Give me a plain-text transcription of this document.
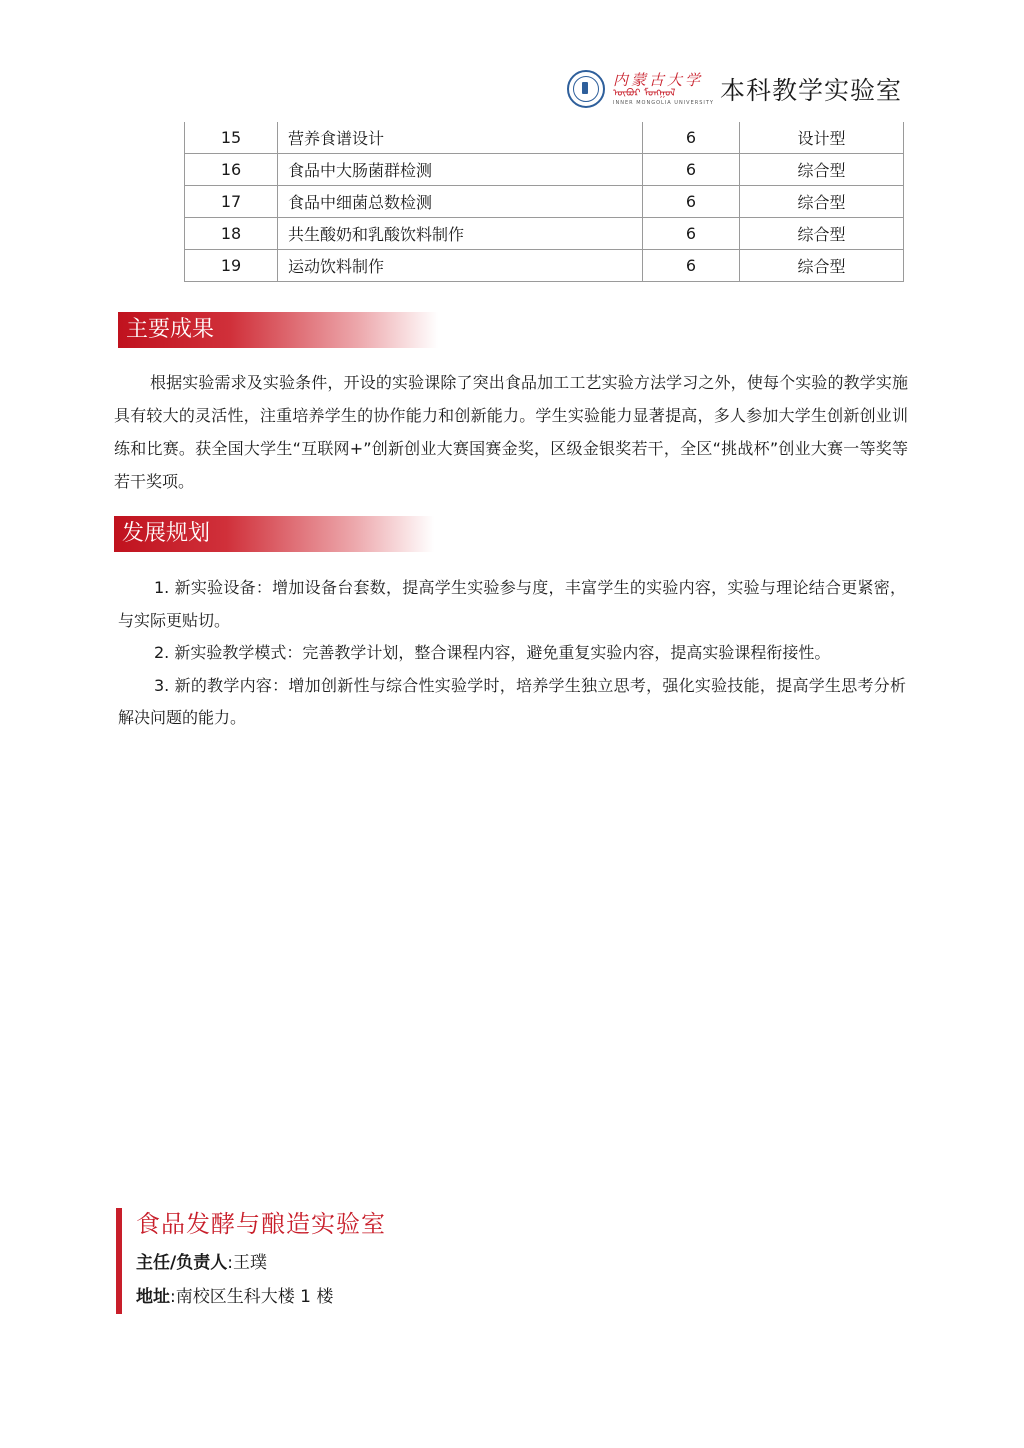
内蒙古大学
ᠥᠪᠦᠷ ᠮᠣᠩᠭᠣᠯ
INNER MONGOLIA UNIVERSITY 本科教学实验室
15	营养食谱设计	6	设计型
16	食品中大肠菌群检测	6	综合型
17	食品中细菌总数检测	6	综合型
18	共生酸奶和乳酸饮料制作	6	综合型
19	运动饮料制作	6	综合型
主要成果
根据实验需求及实验条件，开设的实验课除了突出食品加工工艺实验方法学习之外，使每个实验的教学实施具有较大的灵活性，注重培养学生的协作能力和创新能力。学生实验能力显著提高，多人参加大学生创新创业训练和比赛。获全国大学生“互联网+”创新创业大赛国赛金奖，区级金银奖若干，全区“挑战杯”创业大赛一等奖等若干奖项。
发展规划
1. 新实验设备：增加设备台套数，提高学生实验参与度，丰富学生的实验内容，实验与理论结合更紧密，与实际更贴切。
2. 新实验教学模式：完善教学计划，整合课程内容，避免重复实验内容，提高实验课程衔接性。
3. 新的教学内容：增加创新性与综合性实验学时，培养学生独立思考，强化实验技能，提高学生思考分析解决问题的能力。
食品发酵与酿造实验室
主任/负责人:王璞
地址:南校区生科大楼 1 楼
